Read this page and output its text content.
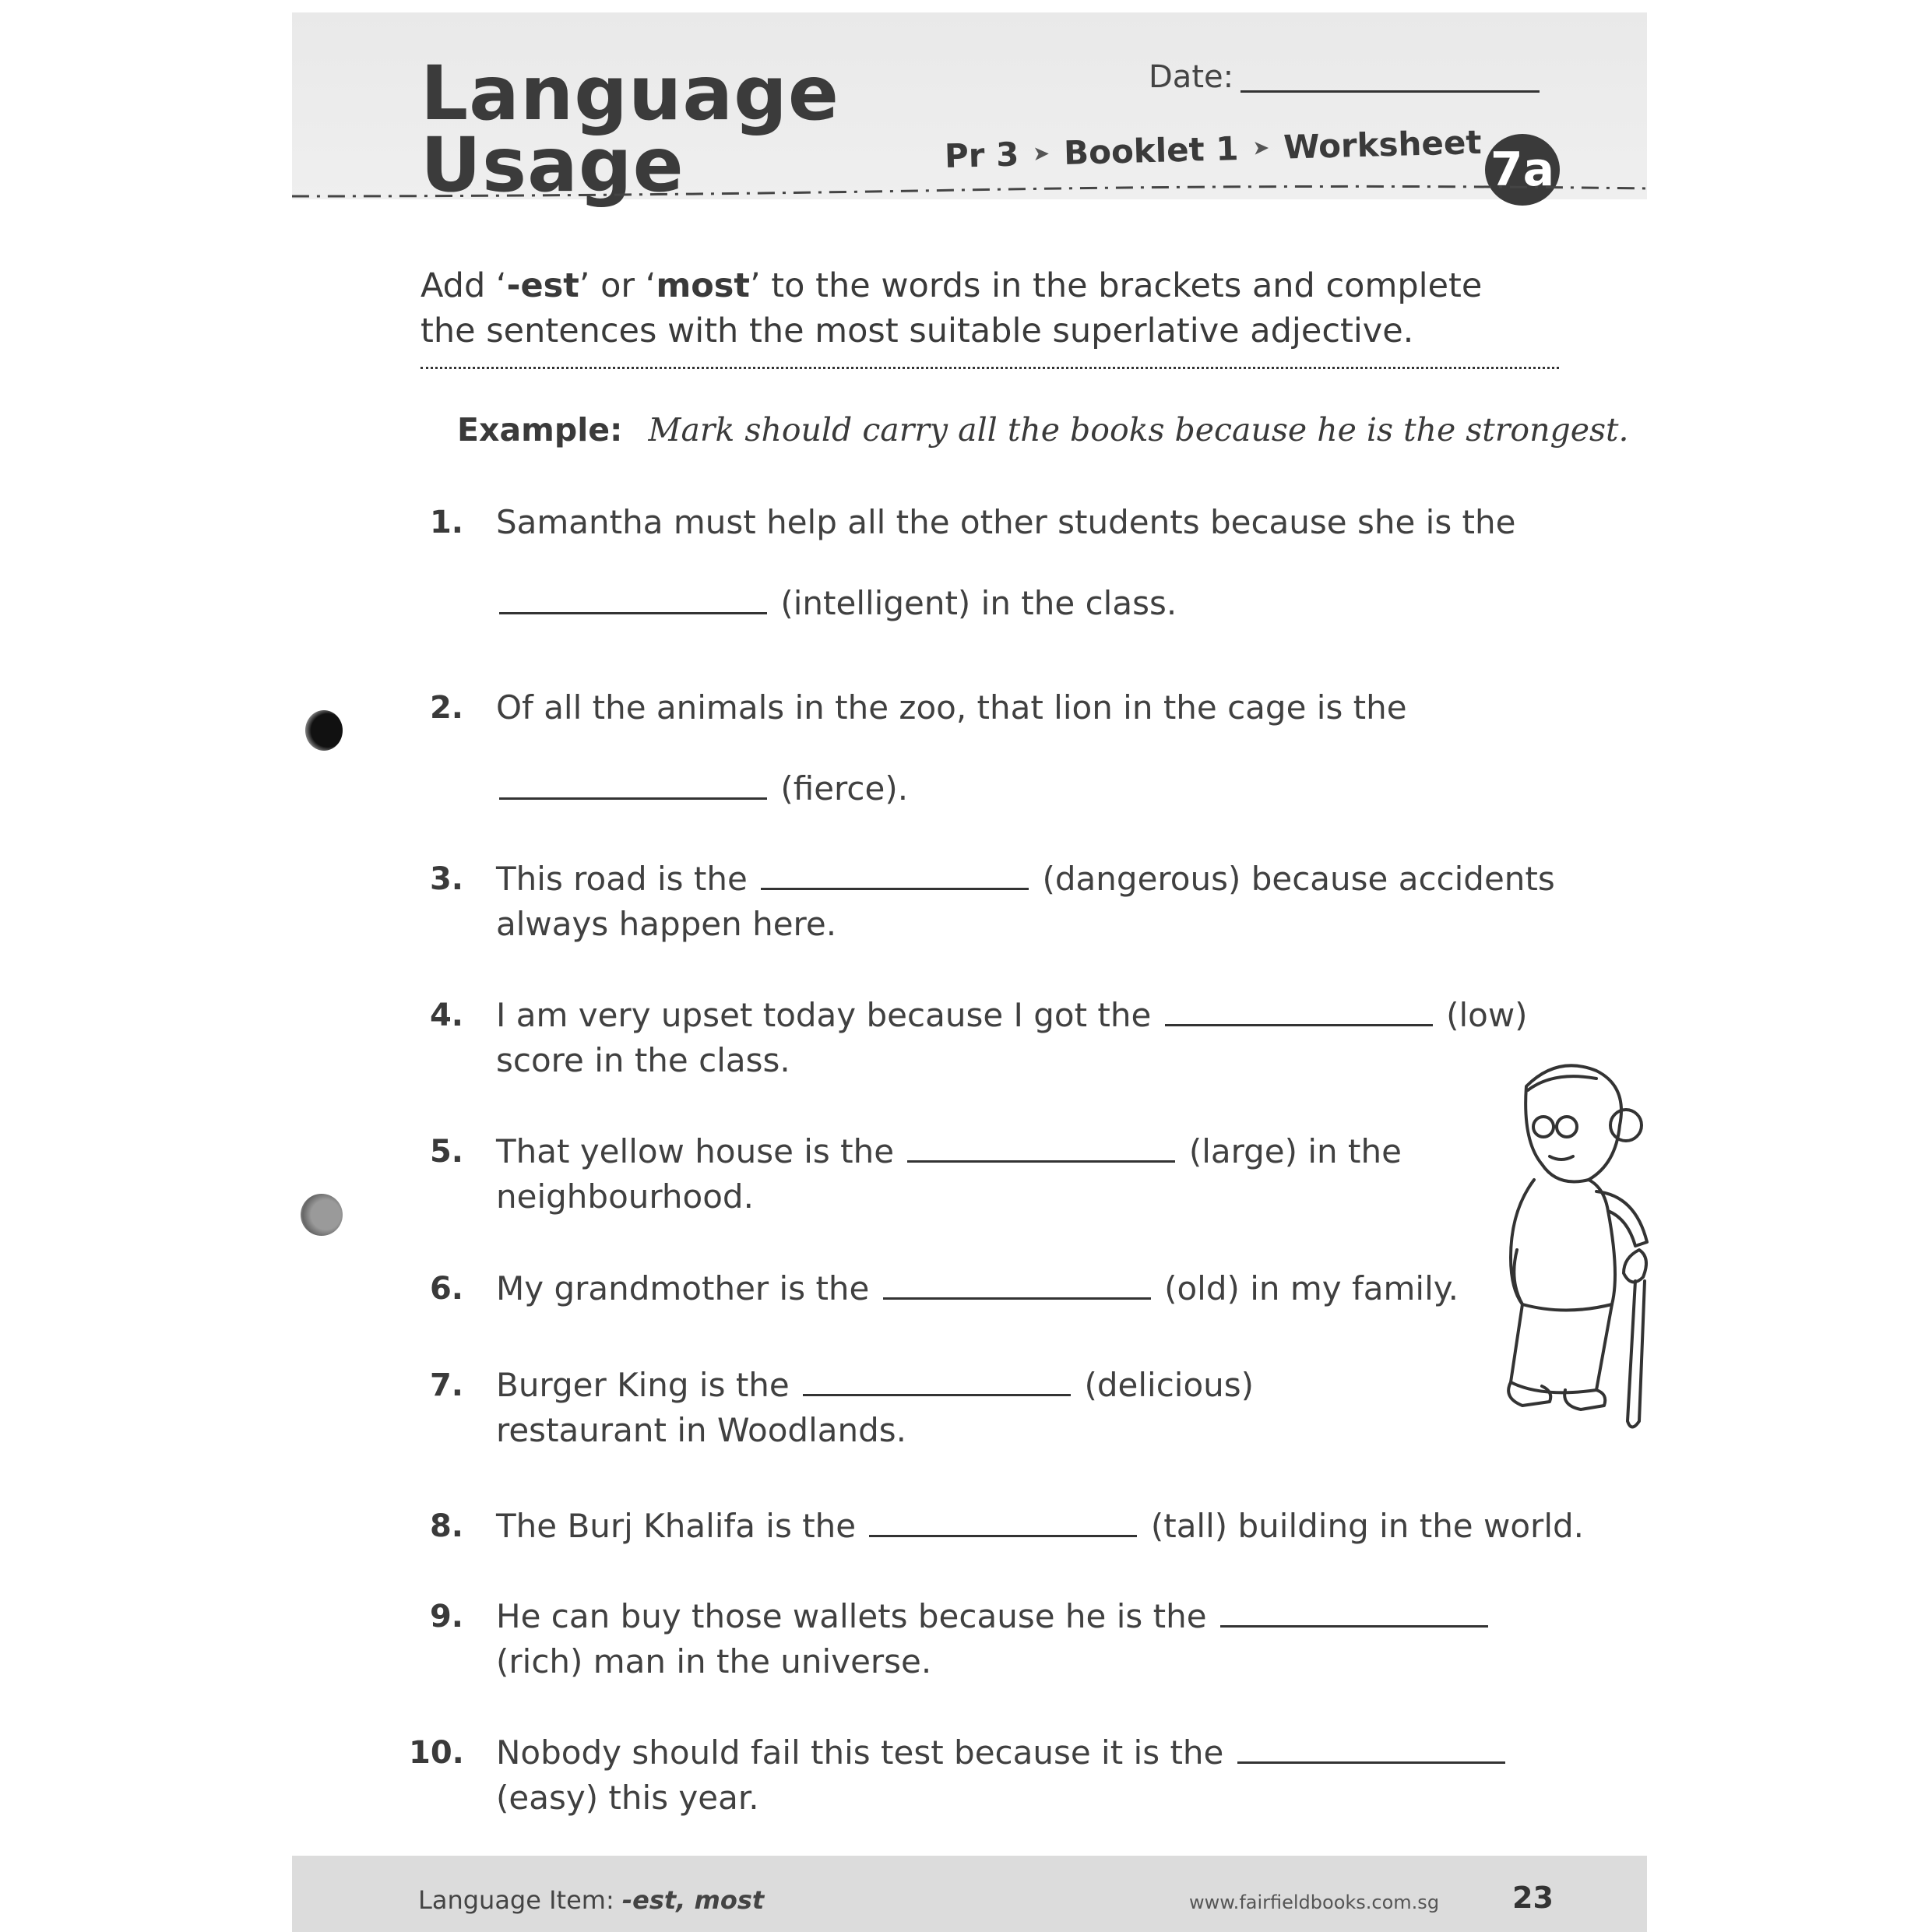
Language
Usage
Date:
Pr 3 ➤ Booklet 1 ➤ Worksheet 7a
Add ‘-est’ or ‘most’ to the words in the brackets and complete the sentences with the most suitable superlative adjective.
Example: Mark should carry all the books because he is the strongest.
1. Samantha must help all the other students because she is the
(intelligent) in the class.
2. Of all the animals in the zoo, that lion in the cage is the
(fierce).
3. This road is the	(dangerous) because accidents
always happen here.
4. I am very upset today because I got the	(low)
score in the class.
5. That yellow house is the	(large) in the
neighbourhood.
6. My grandmother is the	(old) in my family.
7. Burger King is the	(delicious)
restaurant in Woodlands.
8. The Burj Khalifa is the	(tall) building in the world.
9. He can buy those wallets because he is the
(rich) man in the universe.
10. Nobody should fail this test because it is the
(easy) this year.
Language Item: -est, most	www.fairfieldbooks.com.sg 23
